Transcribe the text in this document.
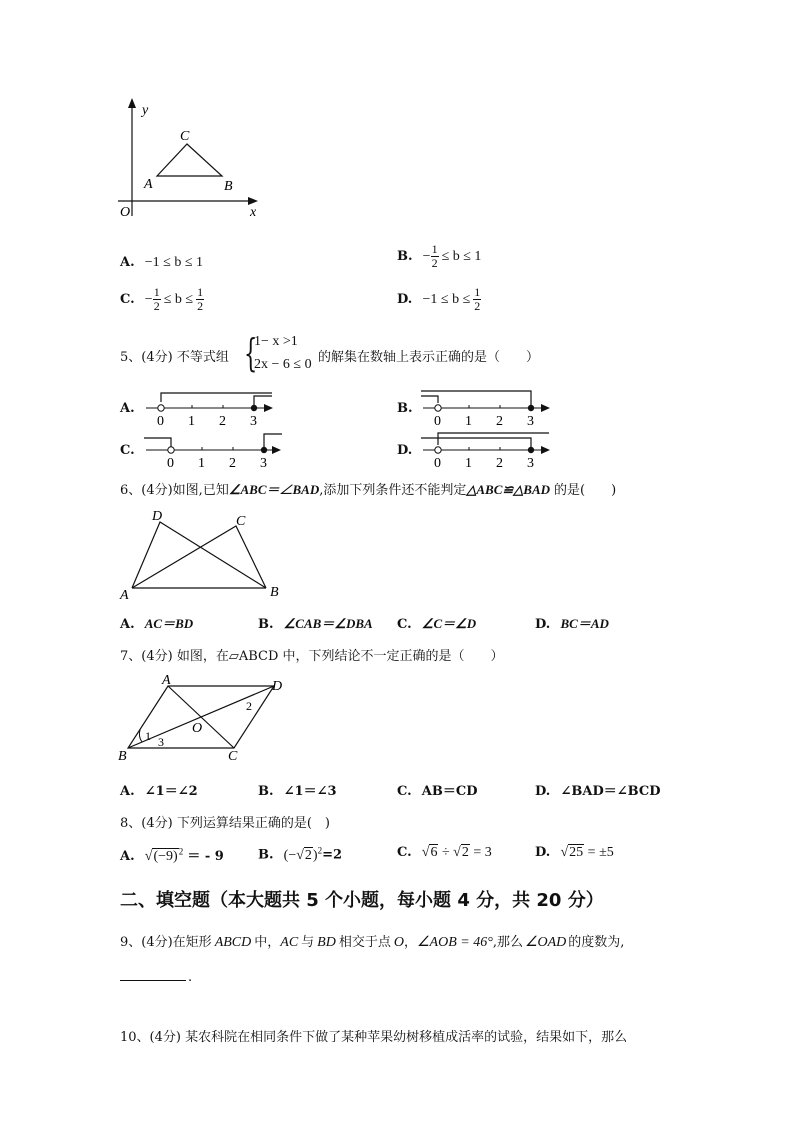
y
x
O
A	B
C
A. −1 ≤ b ≤ 1	B. − $\frac{1}{2} \le b \le 1$
C. − $\frac{1}{2} \le b \le \frac{1}{2}$	D. $-1 \le b \le \frac{1}{2}$
5、(4分) 不等式组 {
1− x >1
2x − 6 ≤ 0 的解集在数轴上表示正确的是（　　）
A.	B.
C.	D.
0 1 2 3	0 1 2 3
0 1 2 3	0 1 2 3
6、(4分)如图,已知∠ABC＝∠BAD,添加下列条件还不能判定△ABC≌△BAD 的是(　　)
D	C
A	B
A. AC＝BD	B. ∠CAB＝∠DBA C. ∠C＝∠D	D. BC＝AD
7、(4分) 如图，在▱ABCD 中，下列结论不一定正确的是（　　）
A	D
B	C
O
1
2
3
A. ∠1＝∠2	B. ∠1＝∠3	C. AB＝CD	D. ∠BAD＝∠BCD
8、(4分) 下列运算结果正确的是(　)
A. $√(-9)^2$ ＝ - 9	B. $(-√2)^2=2$	C. √6 ÷ √2 = 3	D. √25 = ±5
二、填空题（本大题共 5 个小题，每小题 4 分，共 20 分）
9、(4分)在矩形 ABCD 中，AC 与 BD 相交于点 O，∠AOB = 46°,那么 ∠OAD 的度数为,
.
10、(4分) 某农科院在相同条件下做了某种苹果幼树移植成活率的试验，结果如下，那么
